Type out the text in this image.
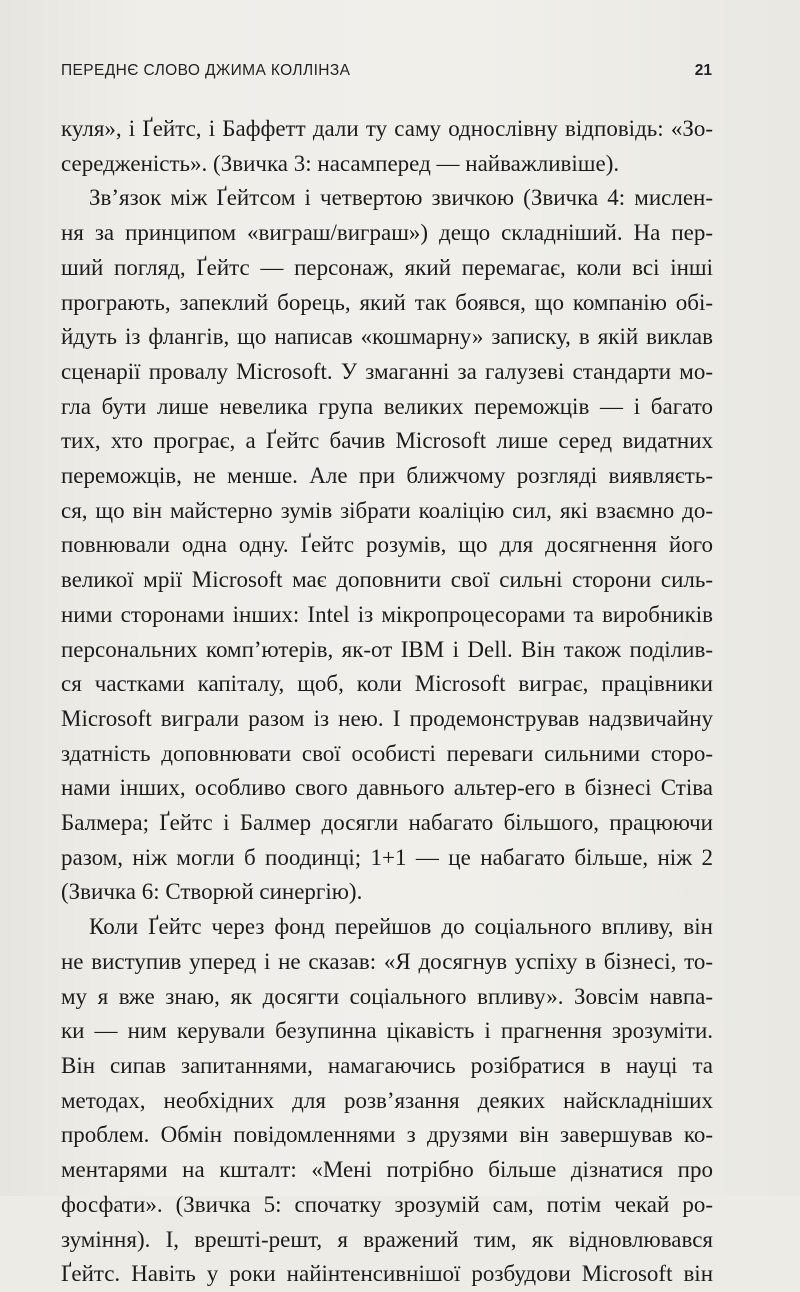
ПЕРЕДНЄ СЛОВО ДЖИМА КОЛЛІНЗА	21
куля», і Ґейтс, і Баффетт дали ту саму однослівну відповідь: «Зо-
середженість». (Звичка 3: насамперед — найважливіше).
Зв’язок між Ґейтсом і четвертою звичкою (Звичка 4: мислен-
ня за принципом «виграш/виграш») дещо складніший. На пер-
ший погляд, Ґейтс — персонаж, який перемагає, коли всі інші
програють, запеклий борець, який так боявся, що компанію обі-
йдуть із флангів, що написав «кошмарну» записку, в якій виклав
сценарії провалу Microsoft. У змаганні за галузеві стандарти мо-
гла бути лише невелика група великих переможців — і багато
тих, хто програє, а Ґейтс бачив Microsoft лише серед видатних
переможців, не менше. Але при ближчому розгляді виявляєть-
ся, що він майстерно зумів зібрати коаліцію сил, які взаємно до-
повнювали одна одну. Ґейтс розумів, що для досягнення його
великої мрії Microsoft має доповнити свої сильні сторони силь-
ними сторонами інших: Intel із мікропроцесорами та виробників
персональних комп’ютерів, як-от IBM і Dell. Він також поділив-
ся частками капіталу, щоб, коли Microsoft виграє, працівники
Microsoft виграли разом із нею. І продемонстрував надзвичайну
здатність доповнювати свої особисті переваги сильними сторо-
нами інших, особливо свого давнього альтер-его в бізнесі Стіва
Балмера; Ґейтс і Балмер досягли набагато більшого, працюючи
разом, ніж могли б поодинці; 1+1 — це набагато більше, ніж 2
(Звичка 6: Створюй синергію).
Коли Ґейтс через фонд перейшов до соціального впливу, він
не виступив уперед і не сказав: «Я досягнув успіху в бізнесі, то-
му я вже знаю, як досягти соціального впливу». Зовсім навпа-
ки — ним керували безупинна цікавість і прагнення зрозуміти.
Він сипав запитаннями, намагаючись розібратися в науці та
методах, необхідних для розв’язання деяких найскладніших
проблем. Обмін повідомленнями з друзями він завершував ко-
ментарями на кшталт: «Мені потрібно більше дізнатися про
фосфати». (Звичка 5: спочатку зрозумій сам, потім чекай ро-
зуміння). І, врешті-решт, я вражений тим, як відновлювався
Ґейтс. Навіть у роки найінтенсивнішої розбудови Microsoft він
